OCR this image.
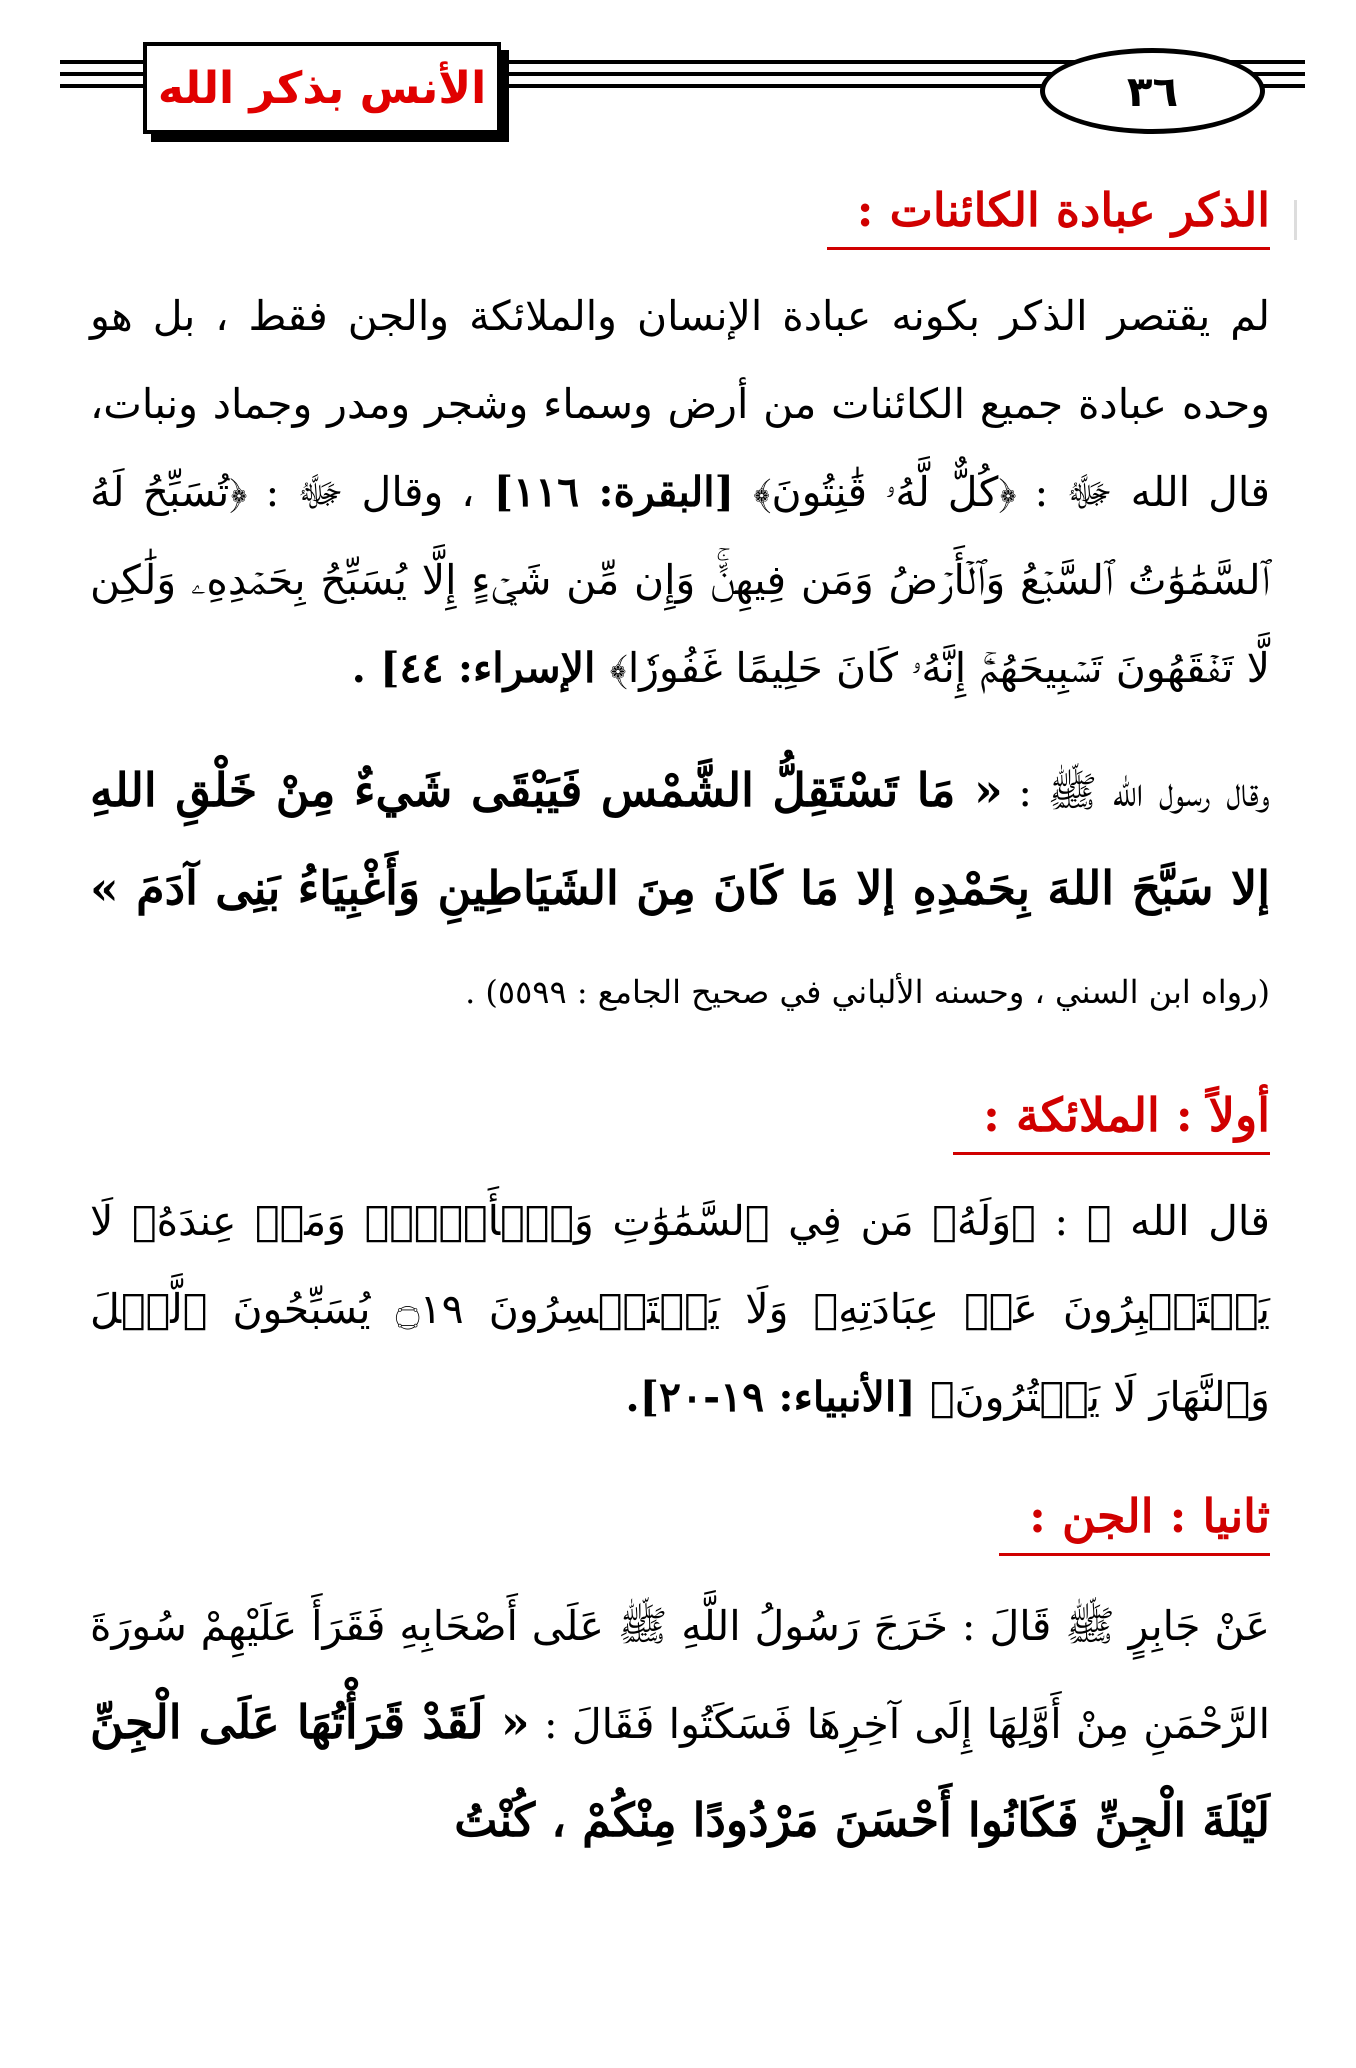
الأنس بذكر الله	٣٦
الذكر عبادة الكائنات :

لم يقتصر الذكر بكونه عبادة الإنسان والملائكة والجن فقط ، بل هو وحده عبادة جميع الكائنات من أرض وسماء وشجر ومدر وجماد ونبات، قال الله ﷻ : ﴿كُلٌّ لَّهُۥ قَٰنِتُونَ﴾ [البقرة: ١١٦] ، وقال ﷻ : ﴿تُسَبِّحُ لَهُ ٱلسَّمَٰوَٰتُ ٱلسَّبۡعُ وَٱلۡأَرۡضُ وَمَن فِيهِنَّۚ وَإِن مِّن شَيۡءٍ إِلَّا يُسَبِّحُ بِحَمۡدِهِۦ وَلَٰكِن لَّا تَفۡقَهُونَ تَسۡبِيحَهُمۡۚ إِنَّهُۥ كَانَ حَلِيمًا غَفُورٗا﴾ الإسراء: ٤٤] .

وقال رسول الله ﷺ : « مَا تَسْتَقِلُّ الشَّمْس فَيَبْقَى شَيءٌ مِنْ خَلْقِ اللهِ إلا سَبَّحَ اللهَ بِحَمْدِهِ إلا مَا كَانَ مِنَ الشَيَاطِينِ وَأَغْبِيَاءُ بَنِى آدَمَ » (رواه ابن السني ، وحسنه الألباني في صحيح الجامع : ٥٥٩٩) .

أولاً : الملائكة :

قال الله ﷻ : ﴿وَلَهُۥ مَن فِي ٱلسَّمَٰوَٰتِ وَٱلۡأَرۡضِۚ وَمَنۡ عِندَهُۥ لَا يَسۡتَكۡبِرُونَ عَنۡ عِبَادَتِهِۦ وَلَا يَسۡتَحۡسِرُونَ ۝١٩ يُسَبِّحُونَ ٱلَّيۡلَ وَٱلنَّهَارَ لَا يَفۡتُرُونَ﴾ [الأنبياء: ١٩-٢٠].

ثانيا : الجن :

عَنْ جَابِرٍ ﷺ قَالَ : خَرَجَ رَسُولُ اللَّهِ ﷺ عَلَى أَصْحَابِهِ فَقَرَأَ عَلَيْهِمْ سُورَةَ الرَّحْمَنِ مِنْ أَوَّلِهَا إِلَى آخِرِهَا فَسَكَتُوا فَقَالَ : « لَقَدْ قَرَأْتُهَا عَلَى الْجِنِّ لَيْلَةَ الْجِنِّ فَكَانُوا أَحْسَنَ مَرْدُودًا مِنْكُمْ ، كُنْتُ
